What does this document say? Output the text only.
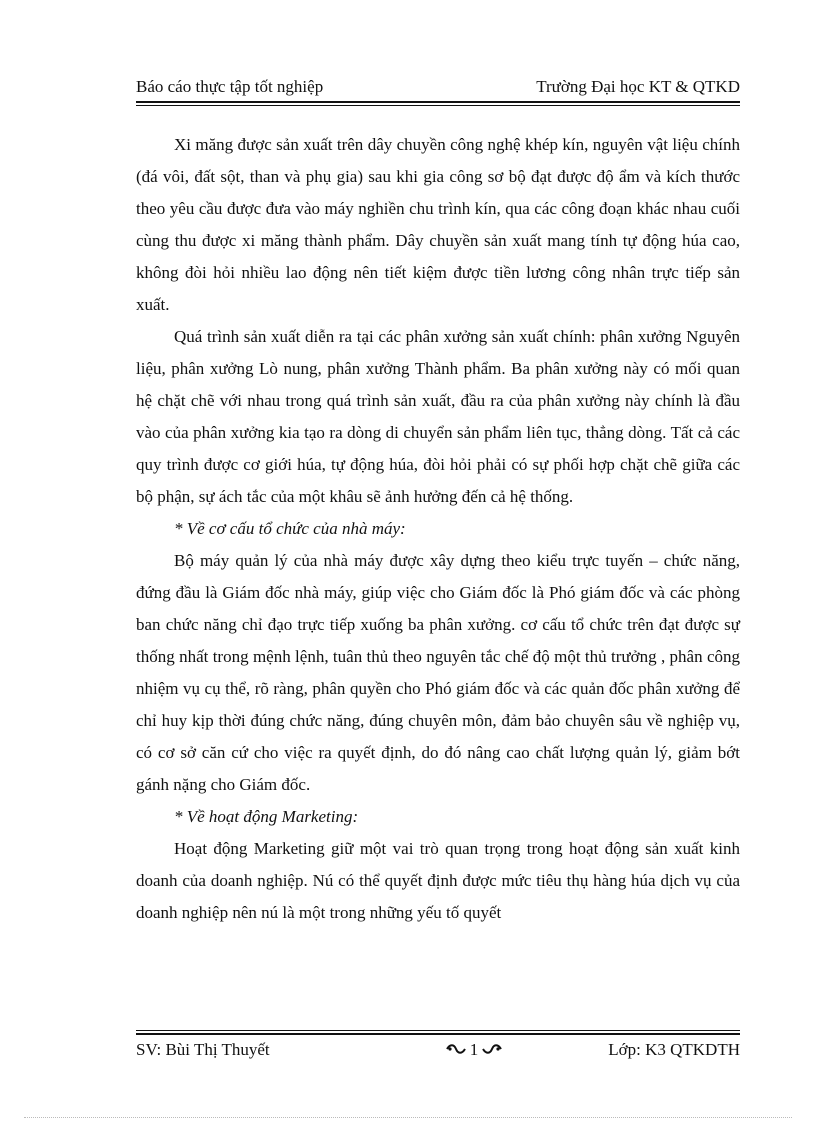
Báo cáo thực tập tốt nghiệp	Trường Đại học KT & QTKD

Xi măng được sản xuất trên dây chuyền công nghệ khép kín, nguyên vật liệu chính (đá vôi, đất sột, than và phụ gia) sau khi gia công sơ bộ đạt được độ ẩm và kích thước theo yêu cầu được đưa vào máy nghiền chu trình kín, qua các công đoạn khác nhau cuối cùng thu được xi măng thành phẩm. Dây chuyền sản xuất mang tính tự động húa cao, không đòi hỏi nhiều lao động nên tiết kiệm được tiền lương công nhân trực tiếp sản xuất.

Quá trình sản xuất diễn ra tại các phân xưởng sản xuất chính: phân xưởng Nguyên liệu, phân xưởng Lò nung, phân xưởng Thành phẩm. Ba phân xưởng này có mối quan hệ chặt chẽ với nhau trong quá trình sản xuất, đầu ra của phân xưởng này chính là đầu vào của phân xưởng kia tạo ra dòng di chuyển sản phẩm liên tục, thẳng dòng. Tất cả các quy trình được cơ giới húa, tự động húa, đòi hỏi phải có sự phối hợp chặt chẽ giữa các bộ phận, sự ách tắc của một khâu sẽ ảnh hưởng đến cả hệ thống.

* Về cơ cấu tổ chức của nhà máy:

Bộ máy quản lý của nhà máy được xây dựng theo kiểu trực tuyến – chức năng, đứng đầu là Giám đốc nhà máy, giúp việc cho Giám đốc là Phó giám đốc và các phòng ban chức năng chỉ đạo trực tiếp xuống ba phân xưởng. cơ cấu tổ chức trên đạt được sự thống nhất trong mệnh lệnh, tuân thủ theo nguyên tắc chế độ một thủ trưởng , phân công nhiệm vụ cụ thể, rõ ràng, phân quyền cho Phó giám đốc và các quản đốc phân xưởng để chỉ huy kịp thời đúng chức năng, đúng chuyên môn, đảm bảo chuyên sâu về nghiệp vụ, có cơ sở căn cứ cho việc ra quyết định, do đó nâng cao chất lượng quản lý, giảm bớt gánh nặng cho Giám đốc.

* Về hoạt động Marketing:

Hoạt động Marketing giữ một vai trò quan trọng trong hoạt động sản xuất kinh doanh của doanh nghiệp. Nú có thể quyết định được mức tiêu thụ hàng húa dịch vụ của doanh nghiệp nên nú là một trong những yếu tố quyết

SV: Bùi Thị Thuyết	1	Lớp: K3 QTKDTH
